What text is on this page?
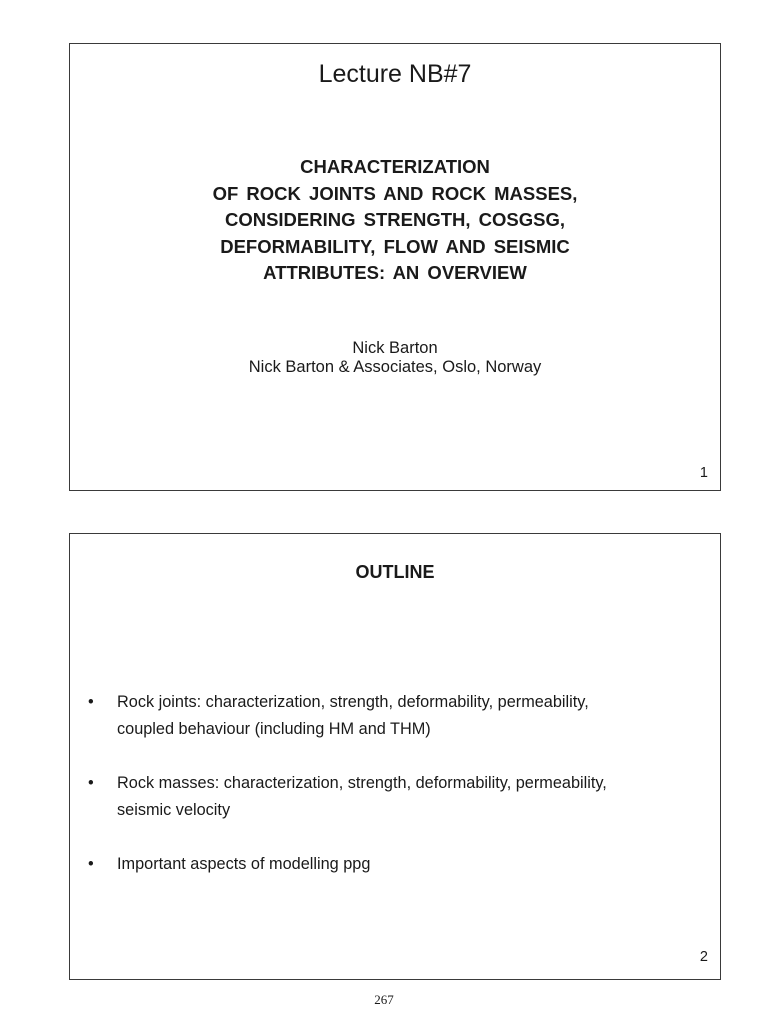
Lecture NB#7
CHARACTERIZATION
OF ROCK JOINTS AND ROCK MASSES,
CONSIDERING STRENGTH, COSGSG,
DEFORMABILITY, FLOW AND SEISMIC
ATTRIBUTES: AN OVERVIEW
Nick Barton
Nick Barton & Associates, Oslo, Norway
1
OUTLINE
• Rock joints: characterization, strength, deformability, permeability,
coupled behaviour (including HM and THM)
• Rock masses: characterization, strength, deformability, permeability,
seismic velocity
• Important aspects of modelling ppg
2
267
